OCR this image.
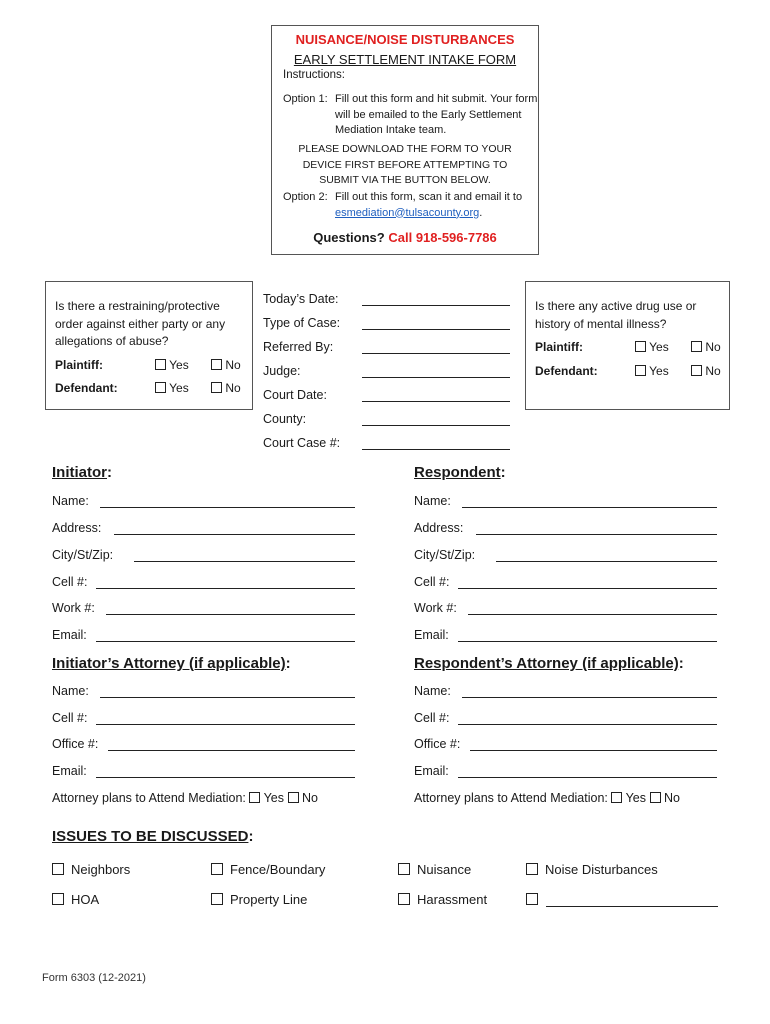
NUISANCE/NOISE DISTURBANCES
EARLY SETTLEMENT INTAKE FORM
Instructions:
Option 1: Fill out this form and hit submit. Your form will be emailed to the Early Settlement Mediation Intake team.
PLEASE DOWNLOAD THE FORM TO YOUR DEVICE FIRST BEFORE ATTEMPTING TO SUBMIT VIA THE BUTTON BELOW.
Option 2: Fill out this form, scan it and email it to esmediation@tulsacounty.org.
Questions? Call 918-596-7786
Is there a restraining/protective order against either party or any allegations of abuse?
Plaintiff:	Yes	No
Defendant:	Yes	No
Today’s Date:
Type of Case:
Referred By:
Judge:
Court Date:
County:
Court Case #:
Is there any active drug use or history of mental illness?
Plaintiff:	Yes	No
Defendant:	Yes	No
Initiator:
Name:
Address:
City/St/Zip:
Cell #:
Work #:
Email:
Respondent:
Name:
Address:
City/St/Zip:
Cell #:
Work #:
Email:
Initiator’s Attorney (if applicable):
Name:
Cell #:
Office #:
Email:
Attorney plans to Attend Mediation: Yes No
Respondent’s Attorney (if applicable):
Name:
Cell #:
Office #:
Email:
Attorney plans to Attend Mediation: Yes No
ISSUES TO BE DISCUSSED:
Neighbors	Fence/Boundary	Nuisance	Noise Disturbances
HOA	Property Line	Harassment
Form 6303 (12-2021)
